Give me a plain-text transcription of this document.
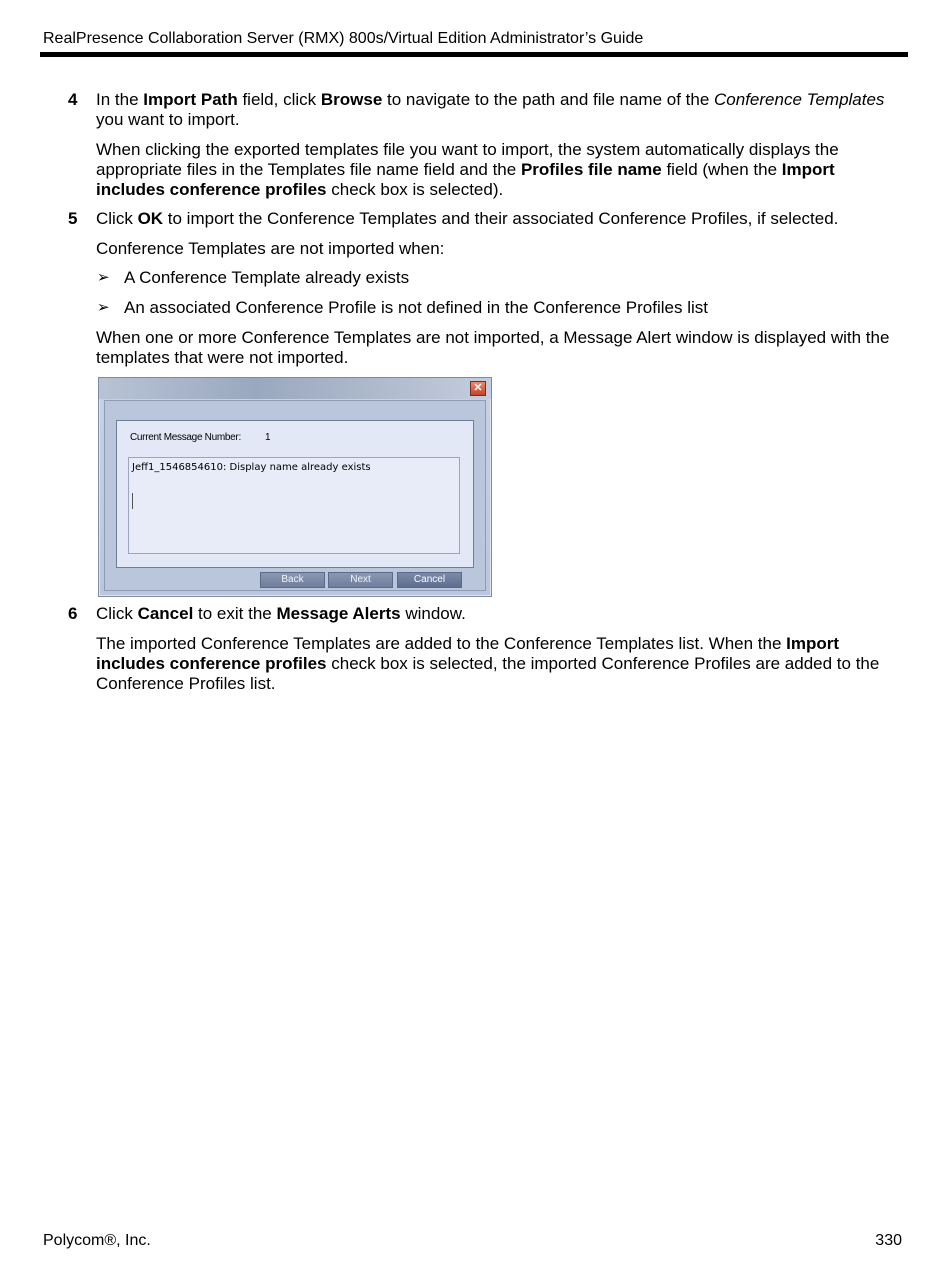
RealPresence Collaboration Server (RMX) 800s/Virtual Edition Administrator’s Guide
4 In the Import Path field, click Browse to navigate to the path and file name of the Conference Templates you want to import.
When clicking the exported templates file you want to import, the system automatically displays the appropriate files in the Templates file name field and the Profiles file name field (when the Import includes conference profiles check box is selected).
5 Click OK to import the Conference Templates and their associated Conference Profiles, if selected.
Conference Templates are not imported when:
➢ A Conference Template already exists
➢ An associated Conference Profile is not defined in the Conference Profiles list
When one or more Conference Templates are not imported, a Message Alert window is displayed with the templates that were not imported.
✕
Current Message Number: 1
Jeff1_1546854610: Display name already exists
Back	Next	Cancel
6 Click Cancel to exit the Message Alerts window.
The imported Conference Templates are added to the Conference Templates list. When the Import includes conference profiles check box is selected, the imported Conference Profiles are added to the Conference Profiles list.
Polycom®, Inc.	330
